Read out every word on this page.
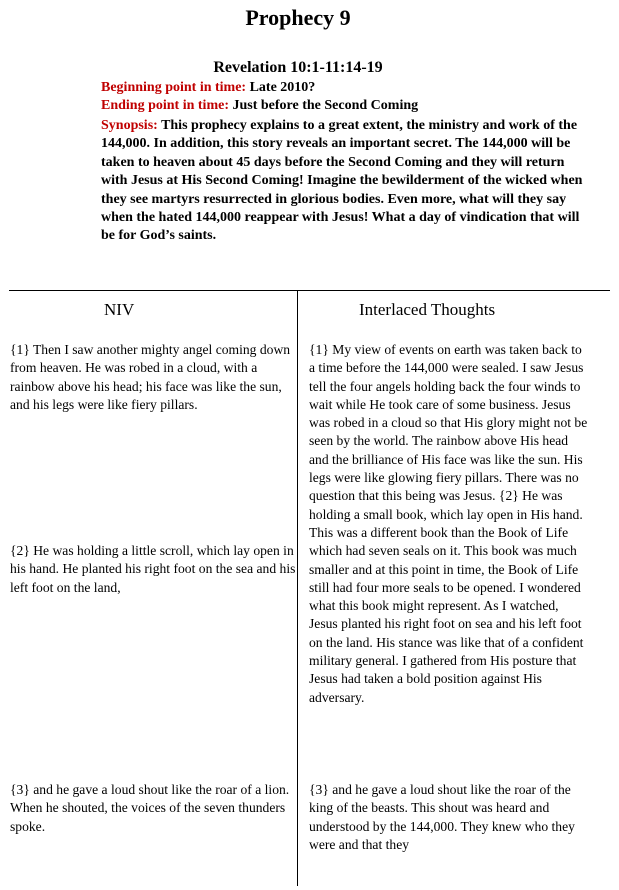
Prophecy 9
Revelation 10:1-11:14-19
Beginning point in time: Late 2010?
Ending point in time: Just before the Second Coming
Synopsis: This prophecy explains to a great extent, the ministry and work of the 144,000. In addition, this story reveals an important secret. The 144,000 will be taken to heaven about 45 days before the Second Coming and they will return with Jesus at His Second Coming! Imagine the bewilderment of the wicked when they see martyrs resurrected in glorious bodies. Even more, what will they say when the hated 144,000 reappear with Jesus! What a day of vindication that will be for God’s saints.
NIV	Interlaced Thoughts
{1} Then I saw another mighty angel coming down from heaven. He was robed in a cloud, with a rainbow above his head; his face was like the sun, and his legs were like fiery pillars.
{2} He was holding a little scroll, which lay open in his hand. He planted his right foot on the sea and his left foot on the land,
{3} and he gave a loud shout like the roar of a lion. When he shouted, the voices of the seven thunders spoke.
{1} My view of events on earth was taken back to a time before the 144,000 were sealed. I saw Jesus tell the four angels holding back the four winds to wait while He took care of some business. Jesus was robed in a cloud so that His glory might not be seen by the world. The rainbow above His head and the brilliance of His face was like the sun. His legs were like glowing fiery pillars. There was no question that this being was Jesus. {2} He was holding a small book, which lay open in His hand. This was a different book than the Book of Life which had seven seals on it. This book was much smaller and at this point in time, the Book of Life still had four more seals to be opened. I wondered what this book might represent. As I watched, Jesus planted his right foot on sea and his left foot on the land. His stance was like that of a confident military general. I gathered from His posture that Jesus had taken a bold position against His adversary.
{3} and he gave a loud shout like the roar of the king of the beasts. This shout was heard and understood by the 144,000. They knew who they were and that they
